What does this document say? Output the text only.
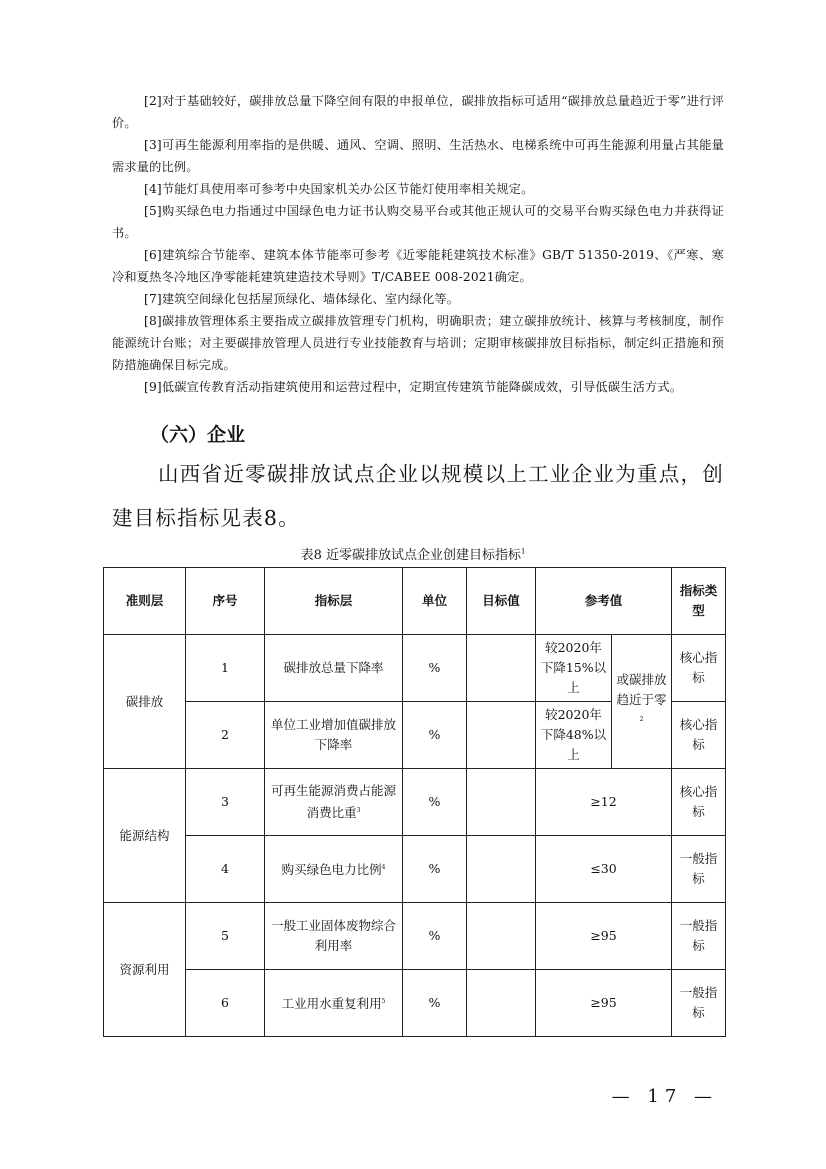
[2]对于基础较好，碳排放总量下降空间有限的申报单位，碳排放指标可适用“碳排放总量趋近于零”进行评价。

[3]可再生能源利用率指的是供暖、通风、空调、照明、生活热水、电梯系统中可再生能源利用量占其能量需求量的比例。

[4]节能灯具使用率可参考中央国家机关办公区节能灯使用率相关规定。

[5]购买绿色电力指通过中国绿色电力证书认购交易平台或其他正规认可的交易平台购买绿色电力并获得证书。

[6]建筑综合节能率、建筑本体节能率可参考《近零能耗建筑技术标准》GB/T 51350-2019、《严寒、寒冷和夏热冬冷地区净零能耗建筑建造技术导则》T/CABEE 008-2021确定。

[7]建筑空间绿化包括屋顶绿化、墙体绿化、室内绿化等。

[8]碳排放管理体系主要指成立碳排放管理专门机构，明确职责；建立碳排放统计、核算与考核制度，制作能源统计台账；对主要碳排放管理人员进行专业技能教育与培训；定期审核碳排放目标指标，制定纠正措施和预防措施确保目标完成。

[9]低碳宣传教育活动指建筑使用和运营过程中，定期宣传建筑节能降碳成效，引导低碳生活方式。

（六）企业

山西省近零碳排放试点企业以规模以上工业企业为重点，创建目标指标见表8。

表8 近零碳排放试点企业创建目标指标$^1$

准则层	序号	指标层	单位	目标值	参考值		指标类型
碳排放	1	碳排放总量下降率	%		较2020年下降15%以上	或碳排放趋近于零$^2$	核心指标
	2	单位工业增加值碳排放下降率	%		较2020年下降48%以上		核心指标
能源结构	3	可再生能源消费占能源消费比重$^3$	%		≥12		核心指标
	4	购买绿色电力比例$^4$	%		≤30		一般指标
资源利用	5	一般工业固体废物综合利用率	%		≥95		一般指标
	6	工业用水重复利用$^5$	%		≥95		一般指标

— 17 —
